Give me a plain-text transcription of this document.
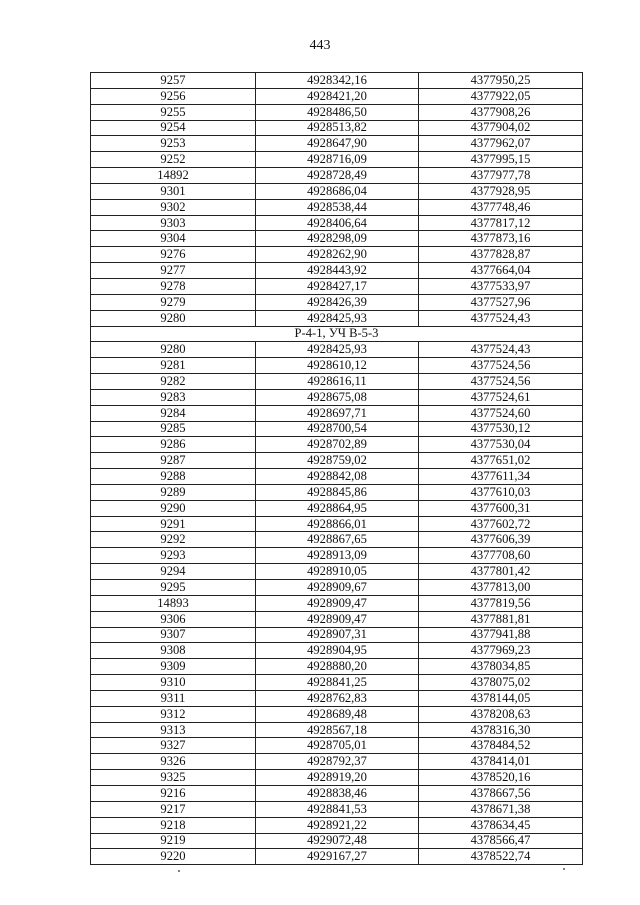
443
9257	4928342,16	4377950,25
9256	4928421,20	4377922,05
9255	4928486,50	4377908,26
9254	4928513,82	4377904,02
9253	4928647,90	4377962,07
9252	4928716,09	4377995,15
14892	4928728,49	4377977,78
9301	4928686,04	4377928,95
9302	4928538,44	4377748,46
9303	4928406,64	4377817,12
9304	4928298,09	4377873,16
9276	4928262,90	4377828,87
9277	4928443,92	4377664,04
9278	4928427,17	4377533,97
9279	4928426,39	4377527,96
9280	4928425,93	4377524,43
Р-4-1, УЧ В-5-3		
9280	4928425,93	4377524,43
9281	4928610,12	4377524,56
9282	4928616,11	4377524,56
9283	4928675,08	4377524,61
9284	4928697,71	4377524,60
9285	4928700,54	4377530,12
9286	4928702,89	4377530,04
9287	4928759,02	4377651,02
9288	4928842,08	4377611,34
9289	4928845,86	4377610,03
9290	4928864,95	4377600,31
9291	4928866,01	4377602,72
9292	4928867,65	4377606,39
9293	4928913,09	4377708,60
9294	4928910,05	4377801,42
9295	4928909,67	4377813,00
14893	4928909,47	4377819,56
9306	4928909,47	4377881,81
9307	4928907,31	4377941,88
9308	4928904,95	4377969,23
9309	4928880,20	4378034,85
9310	4928841,25	4378075,02
9311	4928762,83	4378144,05
9312	4928689,48	4378208,63
9313	4928567,18	4378316,30
9327	4928705,01	4378484,52
9326	4928792,37	4378414,01
9325	4928919,20	4378520,16
9216	4928838,46	4378667,56
9217	4928841,53	4378671,38
9218	4928921,22	4378634,45
9219	4929072,48	4378566,47
9220	4929167,27	4378522,74
